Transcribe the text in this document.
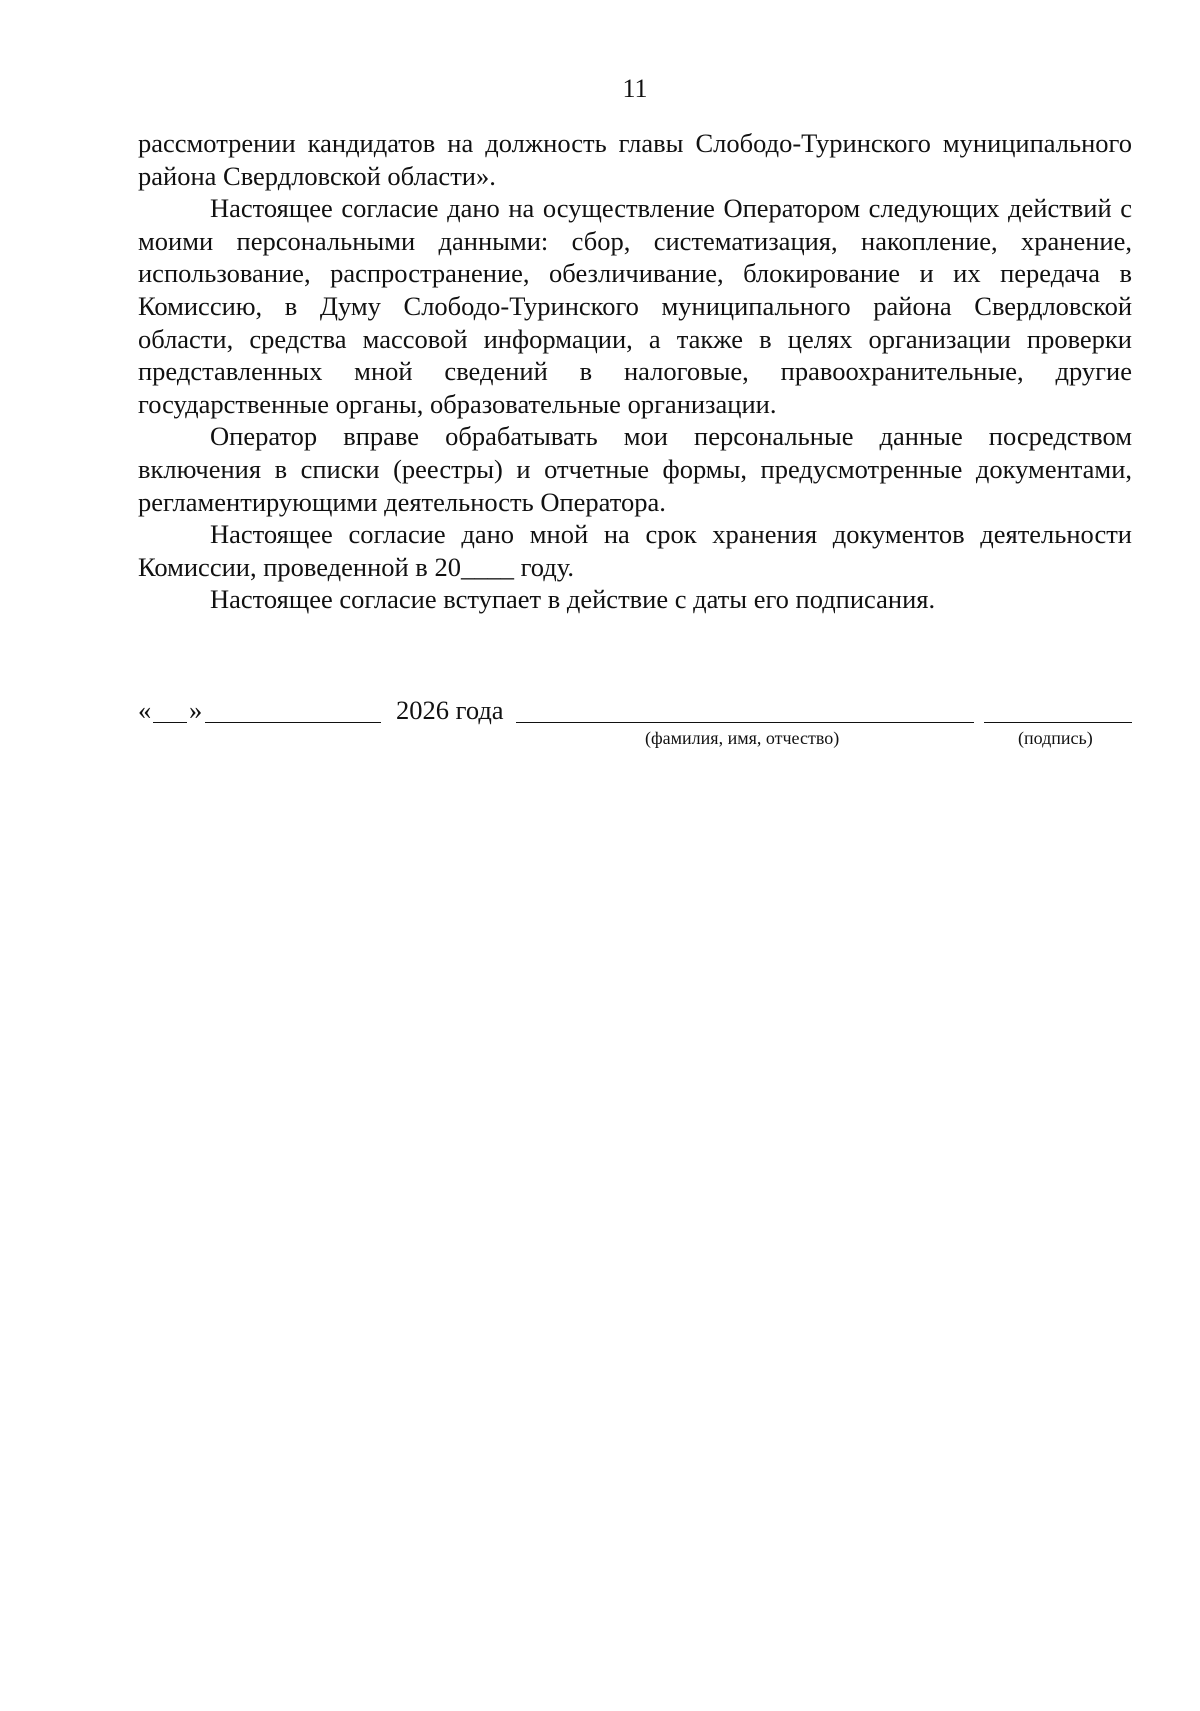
11

рассмотрении кандидатов на должность главы Слободо-Туринского муниципального района Свердловской области».

Настоящее согласие дано на осуществление Оператором следующих действий с моими персональными данными: сбор, систематизация, накопление, хранение, использование, распространение, обезличивание, блокирование и их передача в Комиссию, в Думу Слободо-Туринского муниципального района Свердловской области, средства массовой информации, а также в целях организации проверки представленных мной сведений в налоговые, правоохранительные, другие государственные органы, образовательные организации.

Оператор вправе обрабатывать мои персональные данные посредством включения в списки (реестры) и отчетные формы, предусмотренные документами, регламентирующими деятельность Оператора.

Настоящее согласие дано мной на срок хранения документов деятельности Комиссии, проведенной в 20____ году.

Настоящее согласие вступает в действие с даты его подписания.

« »	2026 года
(фамилия, имя, отчество)	(подпись)
